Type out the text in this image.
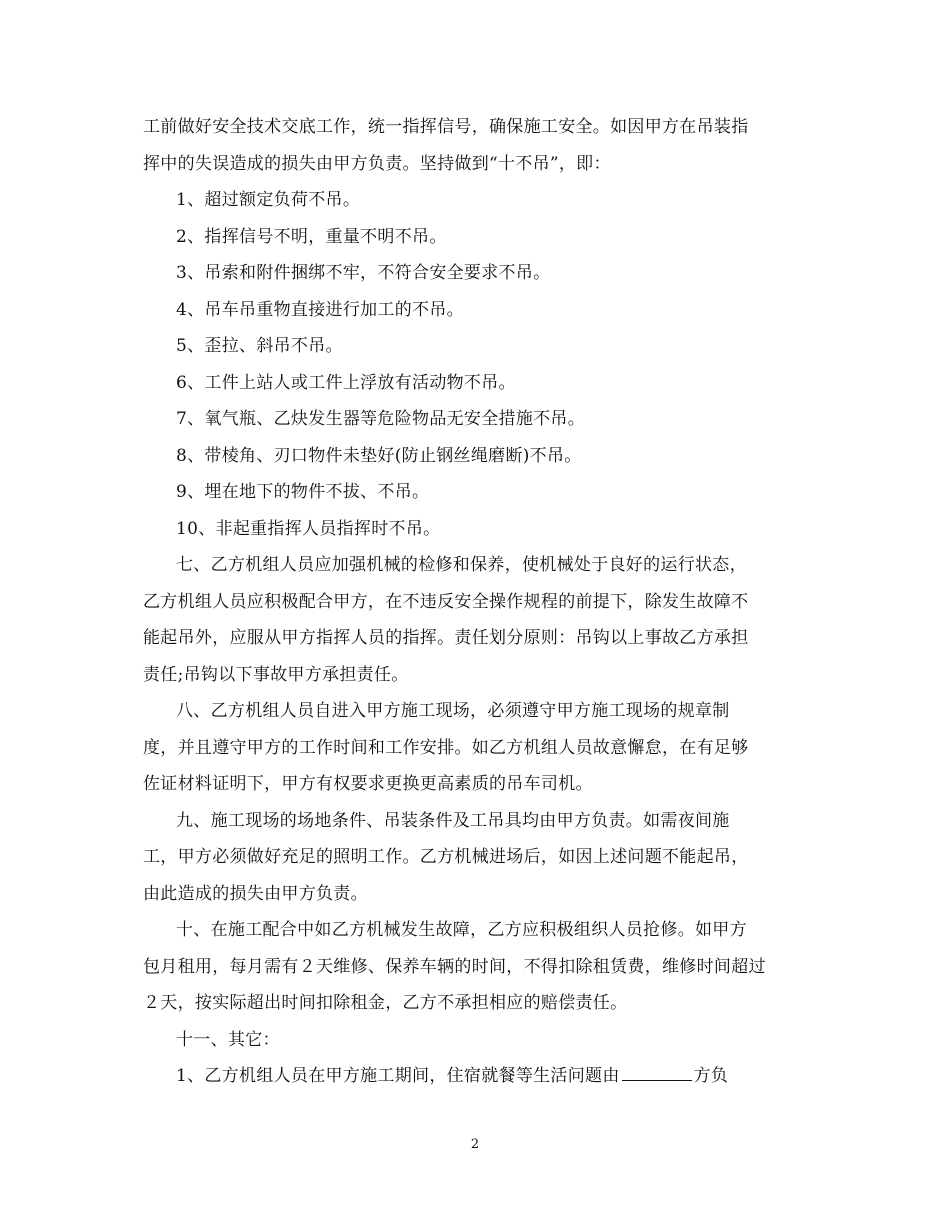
工前做好安全技术交底工作，统一指挥信号，确保施工安全。如因甲方在吊装指
挥中的失误造成的损失由甲方负责。坚持做到“十不吊”，即：
1、超过额定负荷不吊。
2、指挥信号不明，重量不明不吊。
3、吊索和附件捆绑不牢，不符合安全要求不吊。
4、吊车吊重物直接进行加工的不吊。
5、歪拉、斜吊不吊。
6、工件上站人或工件上浮放有活动物不吊。
7、氧气瓶、乙炔发生器等危险物品无安全措施不吊。
8、带棱角、刃口物件未垫好(防止钢丝绳磨断)不吊。
9、埋在地下的物件不拔、不吊。
10、非起重指挥人员指挥时不吊。
七、乙方机组人员应加强机械的检修和保养，使机械处于良好的运行状态，
乙方机组人员应积极配合甲方，在不违反安全操作规程的前提下，除发生故障不
能起吊外，应服从甲方指挥人员的指挥。责任划分原则：吊钩以上事故乙方承担
责任;吊钩以下事故甲方承担责任。
八、乙方机组人员自进入甲方施工现场，必须遵守甲方施工现场的规章制
度，并且遵守甲方的工作时间和工作安排。如乙方机组人员故意懈怠，在有足够
佐证材料证明下，甲方有权要求更换更高素质的吊车司机。
九、施工现场的场地条件、吊装条件及工吊具均由甲方负责。如需夜间施
工，甲方必须做好充足的照明工作。乙方机械进场后，如因上述问题不能起吊，
由此造成的损失由甲方负责。
十、在施工配合中如乙方机械发生故障，乙方应积极组织人员抢修。如甲方
包月租用，每月需有２天维修、保养车辆的时间，不得扣除租赁费，维修时间超过
２天，按实际超出时间扣除租金，乙方不承担相应的赔偿责任。
十一、其它：
1、乙方机组人员在甲方施工期间，住宿就餐等生活问题由	方负
2
